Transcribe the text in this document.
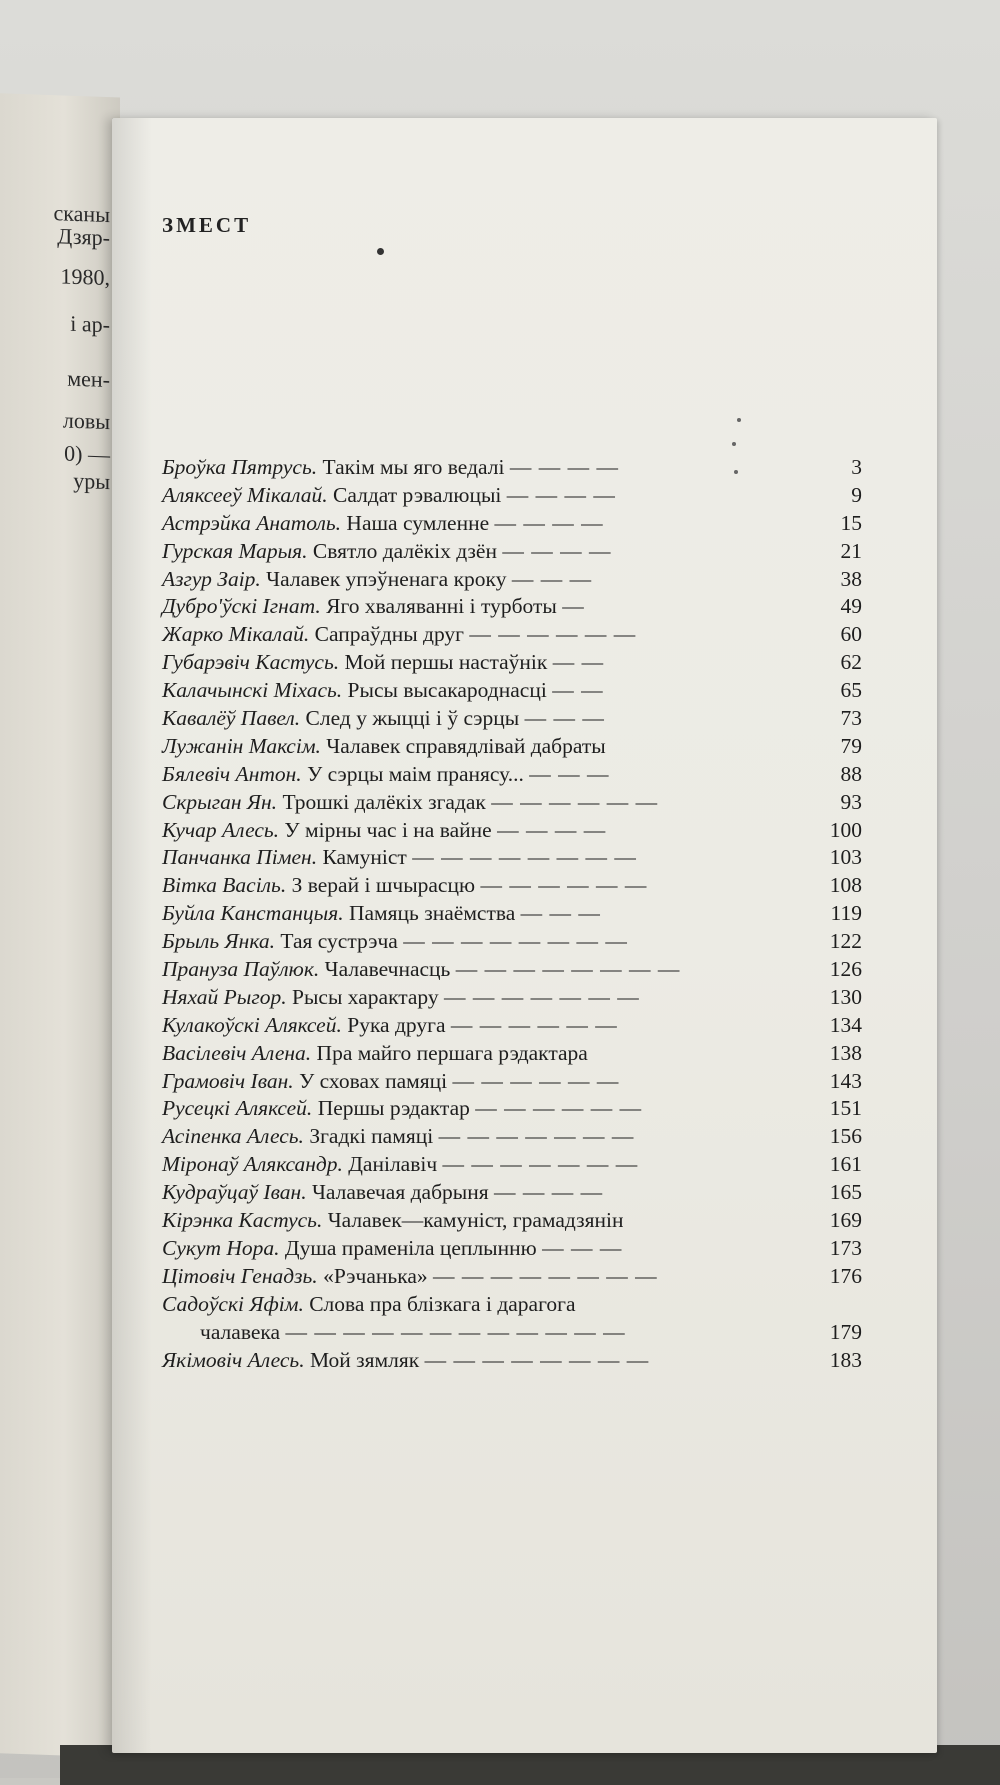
сканы
Дзяр-
1980,
і ар-
мен-
ловы
0) —
уры
ЗМЕСТ
Броўка Пятрусь. Такім мы яго ведалі — — — —	3
Аляксееў Мікалай. Салдат рэвалюцыі — — — —	9
Астрэйка Анатоль. Наша сумленне — — — —	15
Гурская Марыя. Святло далёкіх дзён — — — —	21
Азгур Заір. Чалавек упэўненага кроку — — —	38
Дубро'ўскі Ігнат. Яго хваляванні і турботы —	49
Жарко Мікалай. Сапраўдны друг — — — — — —	60
Губарэвіч Кастусь. Мой першы настаўнік — —	62
Калачынскі Міхась. Рысы высакароднасці — —	65
Кавалёў Павел. След у жыцці і ў сэрцы — — —	73
Лужанін Максім. Чалавек справядлівай дабраты	79
Бялевіч Антон. У сэрцы маім пранясу... — — —	88
Скрыган Ян. Трошкі далёкіх згадак — — — — — —	93
Кучар Алесь. У мірны час і на вайне — — — —	100
Панчанка Пімен. Камуніст — — — — — — — —	103
Вітка Васіль. З верай і шчырасцю — — — — — —	108
Буйла Канстанцыя. Памяць знаёмства — — —	119
Брыль Янка. Тая сустрэча — — — — — — — —	122
Пранузa Паўлюк. Чалавечнасць — — — — — — — —	126
Няхай Рыгор. Рысы характару — — — — — — —	130
Кулакоўскі Аляксей. Рука друга — — — — — —	134
Васілевіч Алена. Пра майго першага рэдактара	138
Грамовіч Іван. У сховах памяці — — — — — —	143
Русецкі Аляксей. Першы рэдактар — — — — — —	151
Асіпенка Алесь. Згадкі памяці — — — — — — —	156
Міронаў Аляксандр. Данілавіч — — — — — — —	161
Кудраўцаў Іван. Чалавечая дабрыня — — — —	165
Кірэнка Кастусь. Чалавек—камуніст, грамадзянін	169
Сукут Нора. Душа праменіла цеплынню — — —	173
Цітовіч Генадзь. «Рэчанька» — — — — — — — —	176
Садоўскі Яфім. Слова пра блізкага і дарагога
чалавека — — — — — — — — — — — —	179
Якімовіч Алесь. Мой зямляк — — — — — — — —	183
